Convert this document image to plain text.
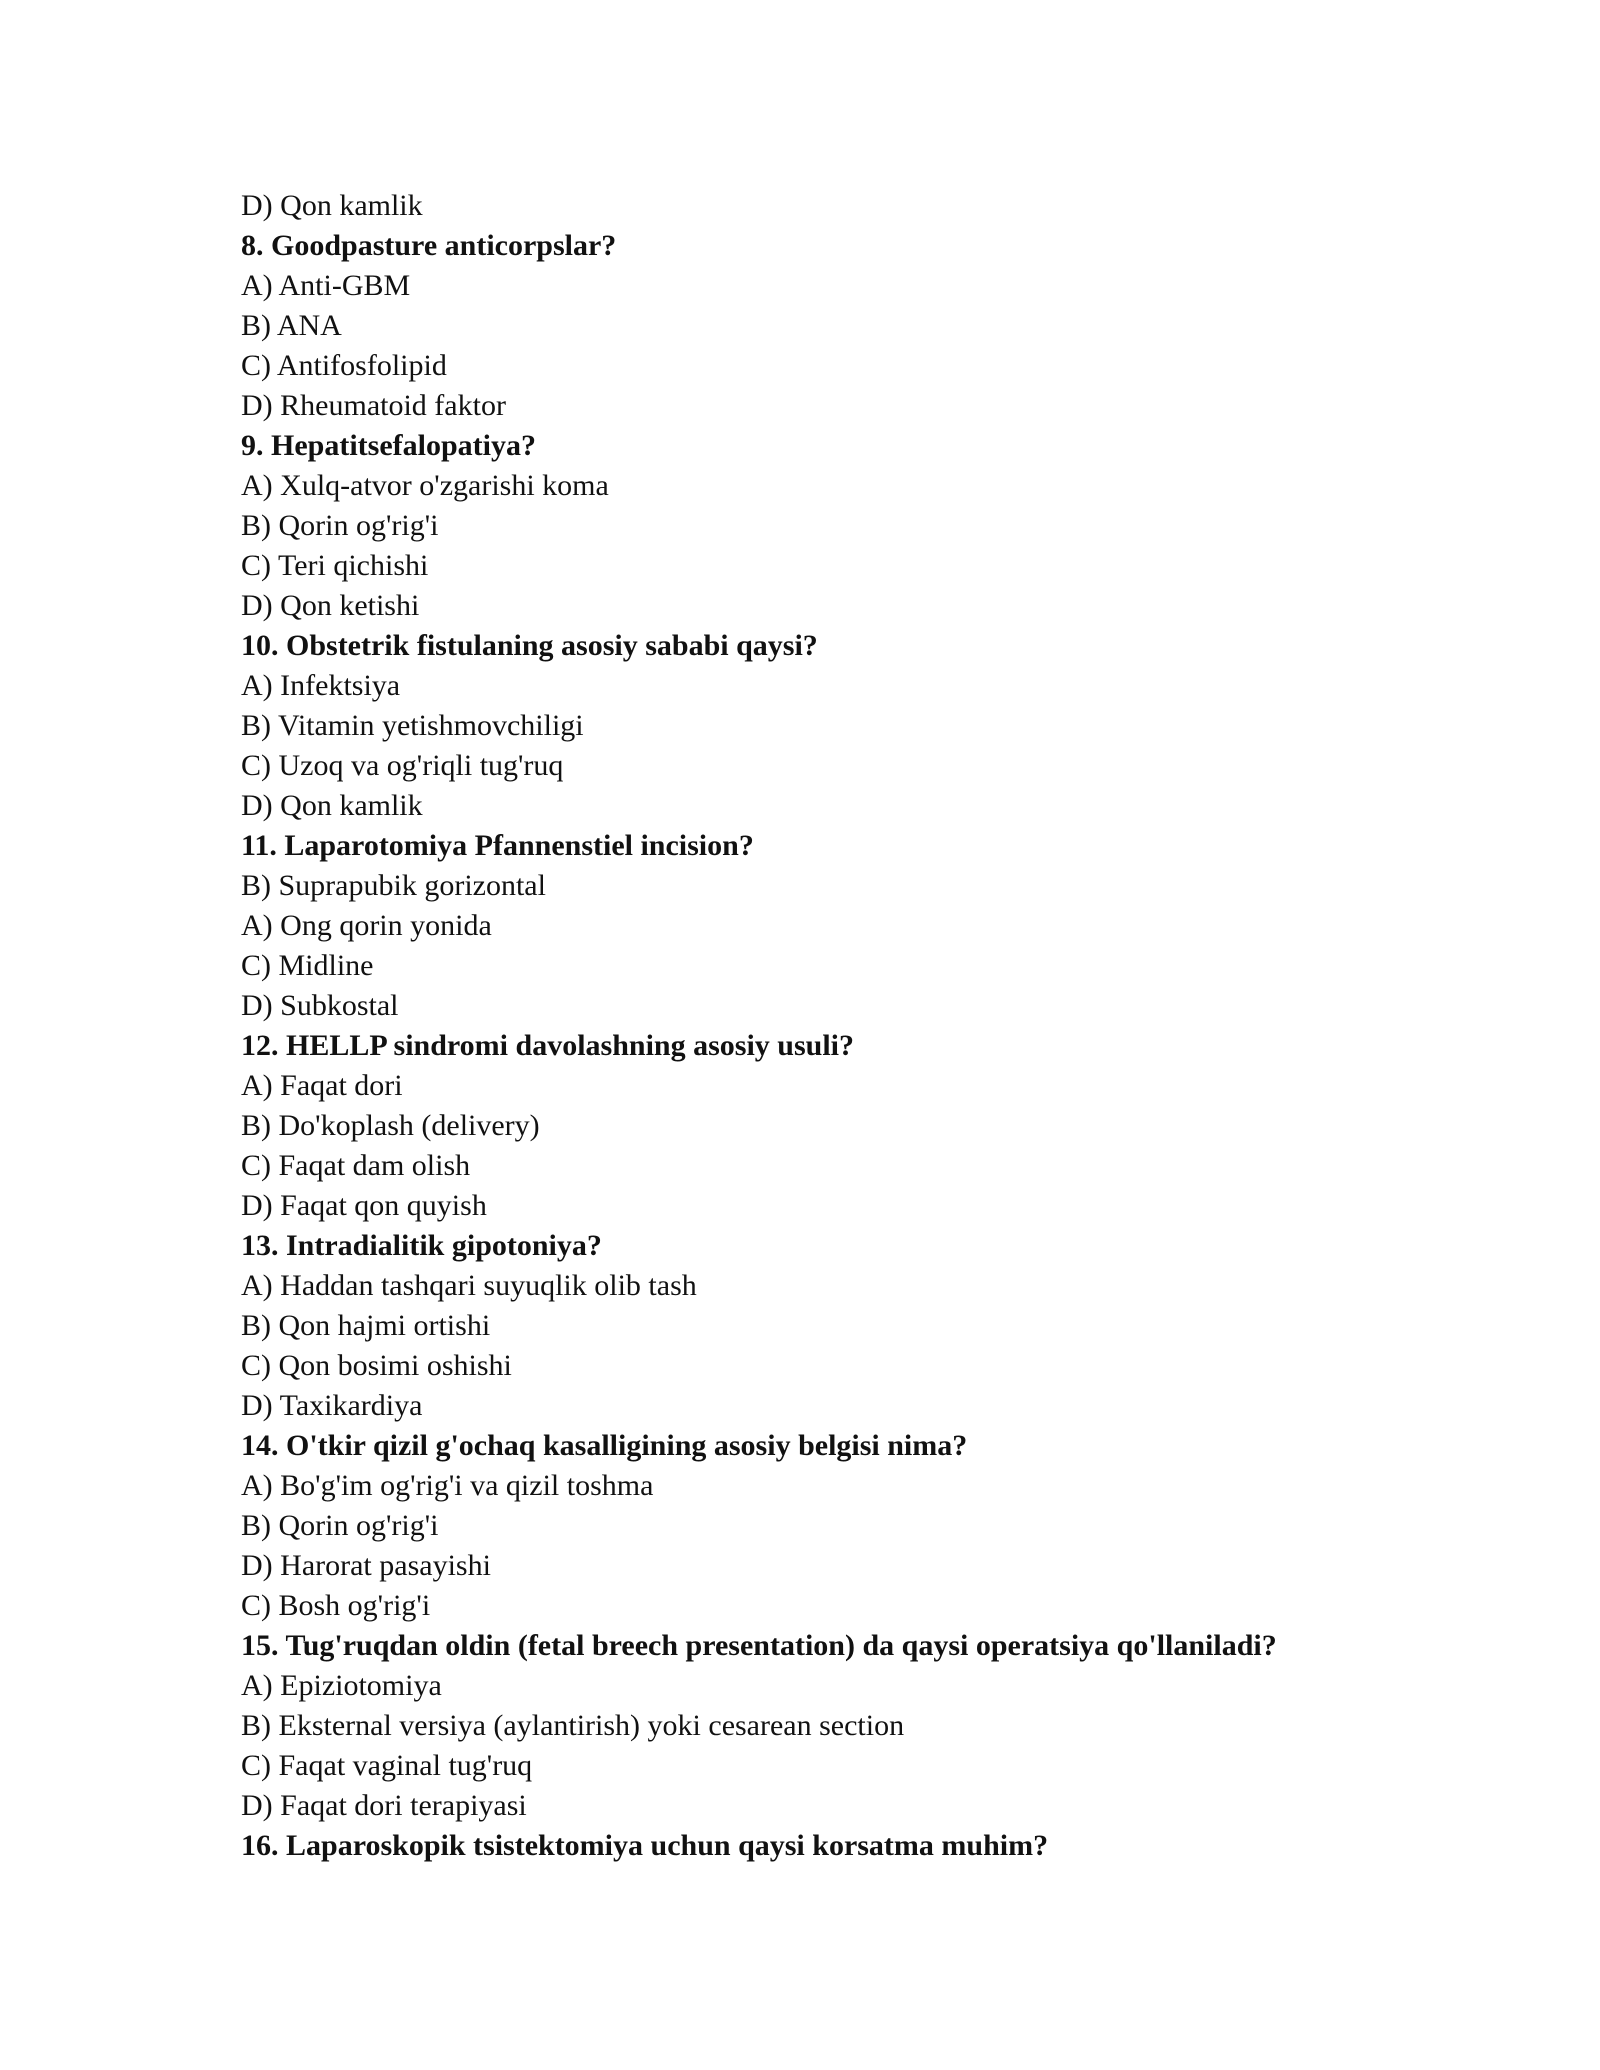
D) Qon kamlik
8. Goodpasture anticorpslar?
A) Anti-GBM
B) ANA
C) Antifosfolipid
D) Rheumatoid faktor
9. Hepatitsefalopatiya?
A) Xulq-atvor o'zgarishi koma
B) Qorin og'rig'i
C) Teri qichishi
D) Qon ketishi
10. Obstetrik fistulaning asosiy sababi qaysi?
A) Infektsiya
B) Vitamin yetishmovchiligi
C) Uzoq va og'riqli tug'ruq
D) Qon kamlik
11. Laparotomiya Pfannenstiel incision?
B) Suprapubik gorizontal
A) Ong qorin yonida
C) Midline
D) Subkostal
12. HELLP sindromi davolashning asosiy usuli?
A) Faqat dori
B) Do'koplash (delivery)
C) Faqat dam olish
D) Faqat qon quyish
13. Intradialitik gipotoniya?
A) Haddan tashqari suyuqlik olib tash
B) Qon hajmi ortishi
C) Qon bosimi oshishi
D) Taxikardiya
14. O'tkir qizil g'ochaq kasalligining asosiy belgisi nima?
A) Bo'g'im og'rig'i va qizil toshma
B) Qorin og'rig'i
D) Harorat pasayishi
C) Bosh og'rig'i
15. Tug'ruqdan oldin (fetal breech presentation) da qaysi operatsiya qo'llaniladi?
A) Epiziotomiya
B) Eksternal versiya (aylantirish) yoki cesarean section
C) Faqat vaginal tug'ruq
D) Faqat dori terapiyasi
16. Laparoskopik tsistektomiya uchun qaysi korsatma muhim?
